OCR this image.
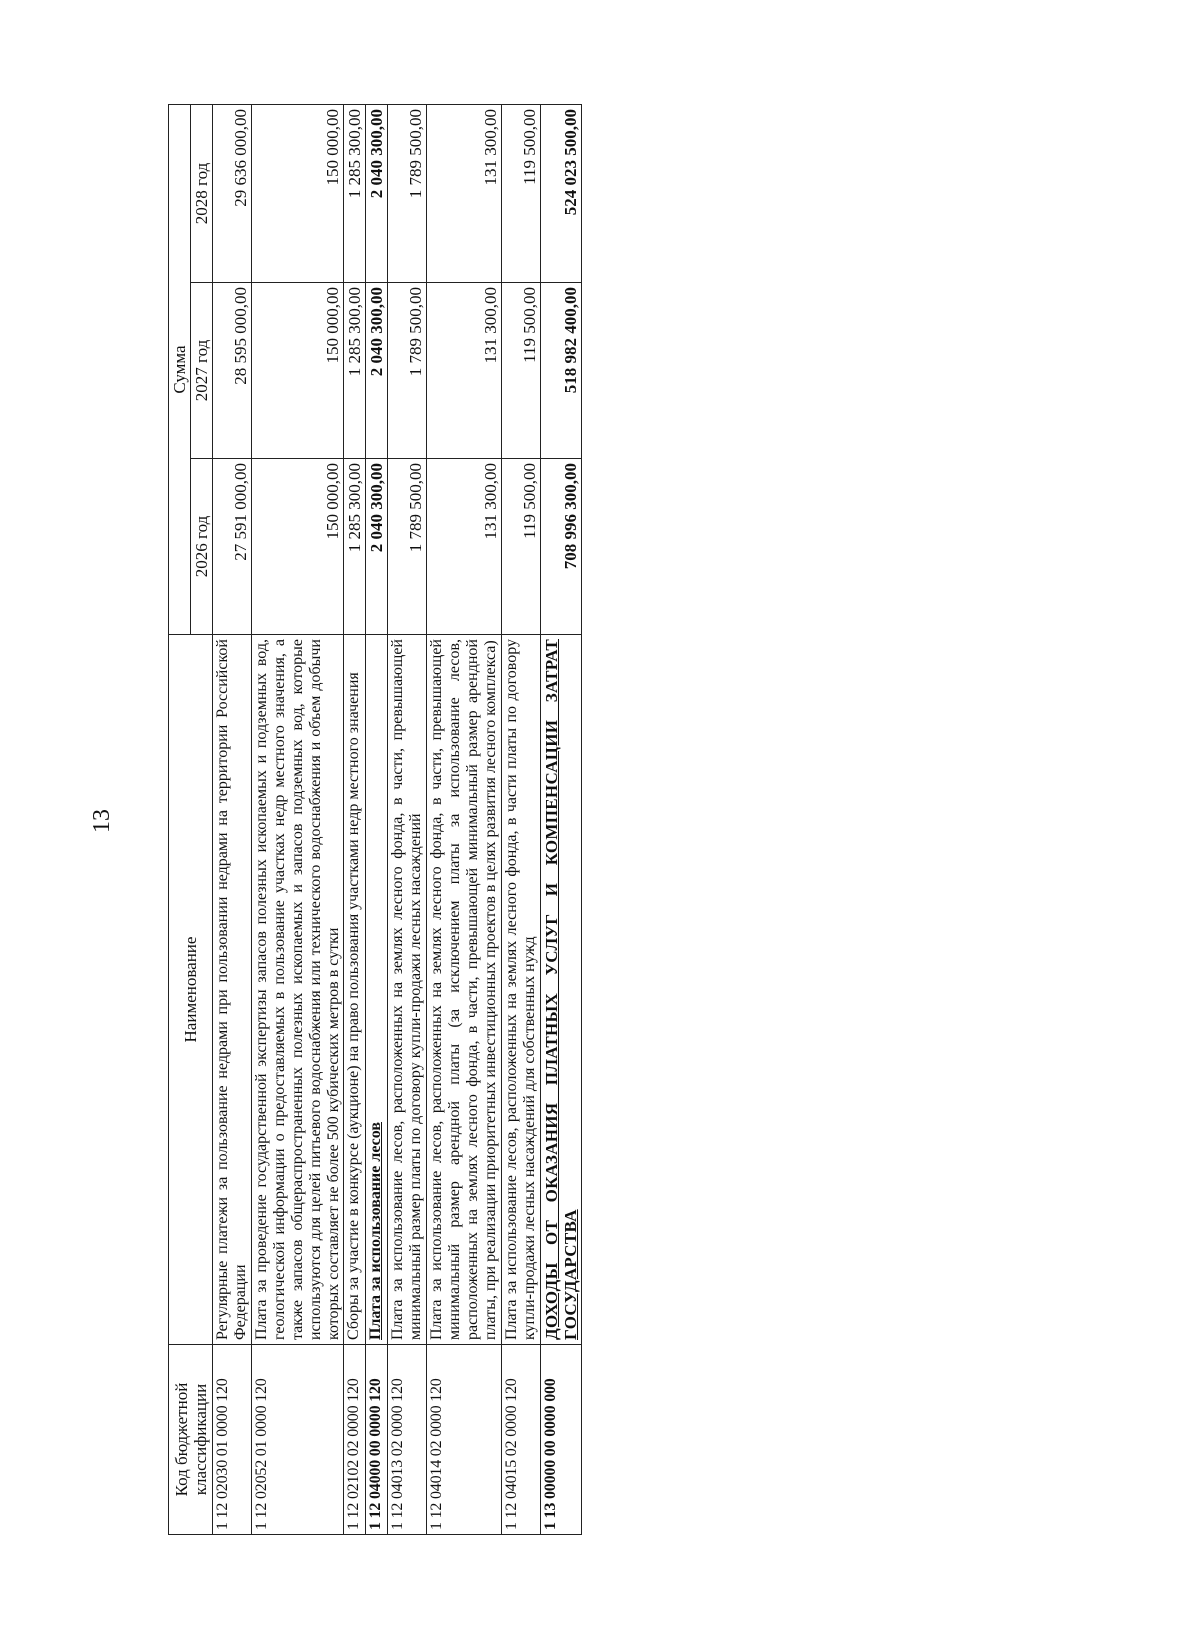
13
Код бюджетной классификации	Наименование	Сумма		
		2026 год	2027 год	2028 год
1 12 02030 01 0000 120	Регулярные платежи за пользование недрами при пользовании недрами на территории Российской Федерации	27 591 000,00	28 595 000,00	29 636 000,00
1 12 02052 01 0000 120	Плата за проведение государственной экспертизы запасов полезных ископаемых и подземных вод, геологической информации о предоставляемых в пользование участках недр местного значения, а также запасов общераспространенных полезных ископаемых и запасов подземных вод, которые используются для целей питьевого водоснабжения или технического водоснабжения и объем добычи которых составляет не более 500 кубических метров в сутки	150 000,00	150 000,00	150 000,00
1 12 02102 02 0000 120	Сборы за участие в конкурсе (аукционе) на право пользования участками недр местного значения	1 285 300,00	1 285 300,00	1 285 300,00
1 12 04000 00 0000 120	Плата за использование лесов	2 040 300,00	2 040 300,00	2 040 300,00
1 12 04013 02 0000 120	Плата за использование лесов, расположенных на землях лесного фонда, в части, превышающей минимальный размер платы по договору купли-продажи лесных насаждений	1 789 500,00	1 789 500,00	1 789 500,00
1 12 04014 02 0000 120	Плата за использование лесов, расположенных на землях лесного фонда, в части, превышающей минимальный размер арендной платы (за исключением платы за использование лесов, расположенных на землях лесного фонда, в части, превышающей минимальный размер арендной платы, при реализации приоритетных инвестиционных проектов в целях развития лесного комплекса)	131 300,00	131 300,00	131 300,00
1 12 04015 02 0000 120	Плата за использование лесов, расположенных на землях лесного фонда, в части платы по договору купли-продажи лесных насаждений для собственных нужд	119 500,00	119 500,00	119 500,00
1 13 00000 00 0000 000	ДОХОДЫ ОТ ОКАЗАНИЯ ПЛАТНЫХ УСЛУГ И КОМПЕНСАЦИИ ЗАТРАТ ГОСУДАРСТВА	708 996 300,00	518 982 400,00	524 023 500,00
